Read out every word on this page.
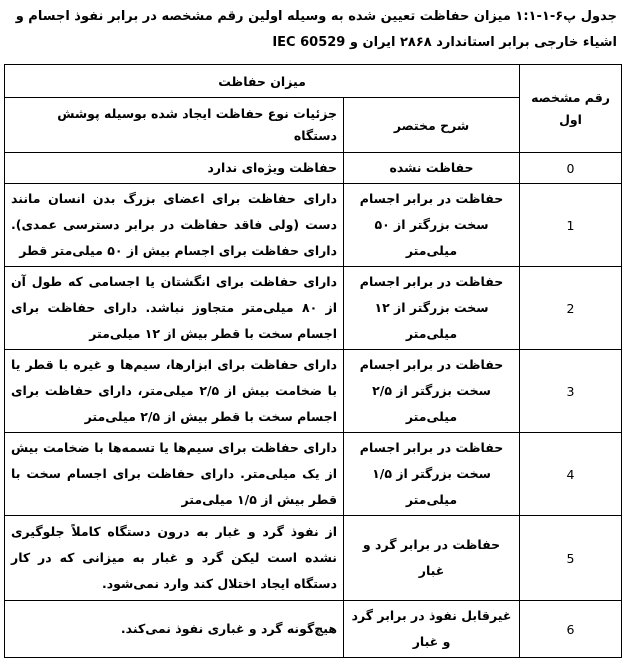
جدول پ۶-۱-۱:۱ میزان حفاظت تعیین شده به وسیله اولین رقم مشخصه در برابر نفوذ اجسام و اشیاء خارجی برابر استاندارد ۲۸۶۸ ایران و IEC 60529
رقم مشخصه اول	میزان حفاظت	
	شرح مختصر	جزئیات نوع حفاظت ایجاد شده بوسیله پوشش دستگاه
0	حفاظت نشده	حفاظت ویژه‌ای ندارد
1	حفاظت در برابر اجسام سخت بزرگتر از ۵۰ میلی‌متر	دارای حفاظت برای اعضای بزرگ بدن انسان مانند دست (ولی فاقد حفاظت در برابر دسترسی عمدی). دارای حفاظت برای اجسام بیش از ۵۰ میلی‌متر قطر
2	حفاظت در برابر اجسام سخت بزرگتر از ۱۲ میلی‌متر	دارای حفاظت برای انگشتان یا اجسامی که طول آن از ۸۰ میلی‌متر متجاوز نباشد. دارای حفاظت برای اجسام سخت با قطر بیش از ۱۲ میلی‌متر
3	حفاظت در برابر اجسام سخت بزرگتر از ۲/۵ میلی‌متر	دارای حفاظت برای ابزارها، سیم‌ها و غیره با قطر یا با ضخامت بیش از ۲/۵ میلی‌متر، دارای حفاظت برای اجسام سخت با قطر بیش از ۲/۵ میلی‌متر
4	حفاظت در برابر اجسام سخت بزرگتر از ۱/۵ میلی‌متر	دارای حفاظت برای سیم‌ها یا تسمه‌ها با ضخامت بیش از یک میلی‌متر. دارای حفاظت برای اجسام سخت با قطر بیش از ۱/۵ میلی‌متر
5	حفاظت در برابر گرد و غبار	از نفوذ گرد و غبار به درون دستگاه کاملاً جلوگیری نشده است لیکن گرد و غبار به میزانی که در کار دستگاه ایجاد اختلال کند وارد نمی‌شود.
6	غیرقابل نفوذ در برابر گرد و غبار	هیچ‌گونه گرد و غباری نفوذ نمی‌کند.
